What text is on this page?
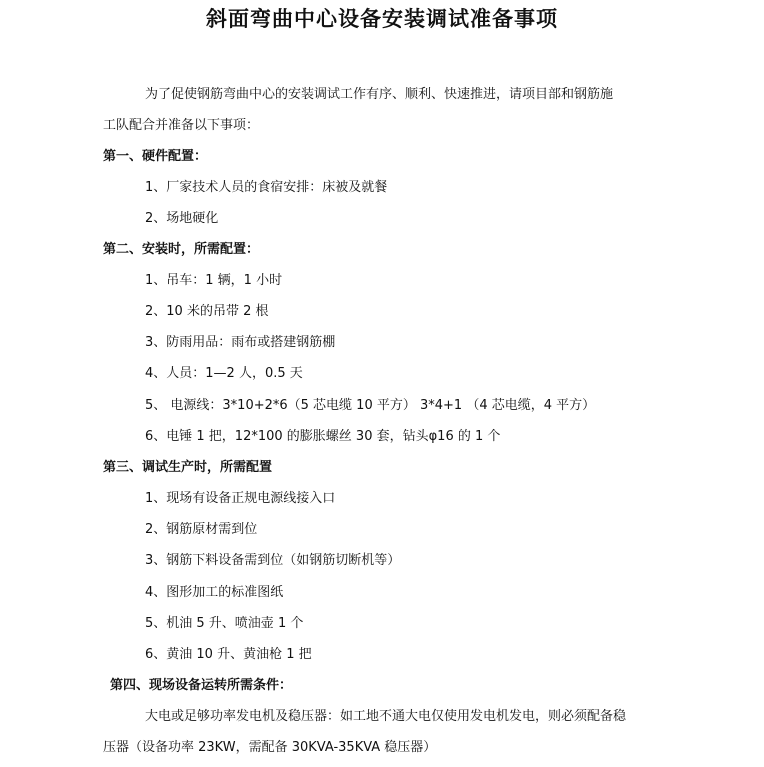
斜面弯曲中心设备安装调试准备事项
为了促使钢筋弯曲中心的安装调试工作有序、顺利、快速推进，请项目部和钢筋施
工队配合并准备以下事项：
第一、硬件配置：
1、厂家技术人员的食宿安排：床被及就餐
2、场地硬化
第二、安装时，所需配置：
1、吊车：1 辆，1 小时
2、10 米的吊带 2 根
3、防雨用品：雨布或搭建钢筋棚
4、人员：1—2 人，0.5 天
5、 电源线：3*10+2*6（5 芯电缆 10 平方） 3*4+1 （4 芯电缆，4 平方）
6、电锤 1 把，12*100 的膨胀螺丝 30 套，钻头φ16 的 1 个
第三、调试生产时，所需配置
1、现场有设备正规电源线接入口
2、钢筋原材需到位
3、钢筋下料设备需到位（如钢筋切断机等）
4、图形加工的标准图纸
5、机油 5 升、喷油壶 1 个
6、黄油 10 升、黄油枪 1 把
第四、现场设备运转所需条件：
大电或足够功率发电机及稳压器：如工地不通大电仅使用发电机发电，则必须配备稳
压器（设备功率 23KW，需配备 30KVA-35KVA 稳压器）
